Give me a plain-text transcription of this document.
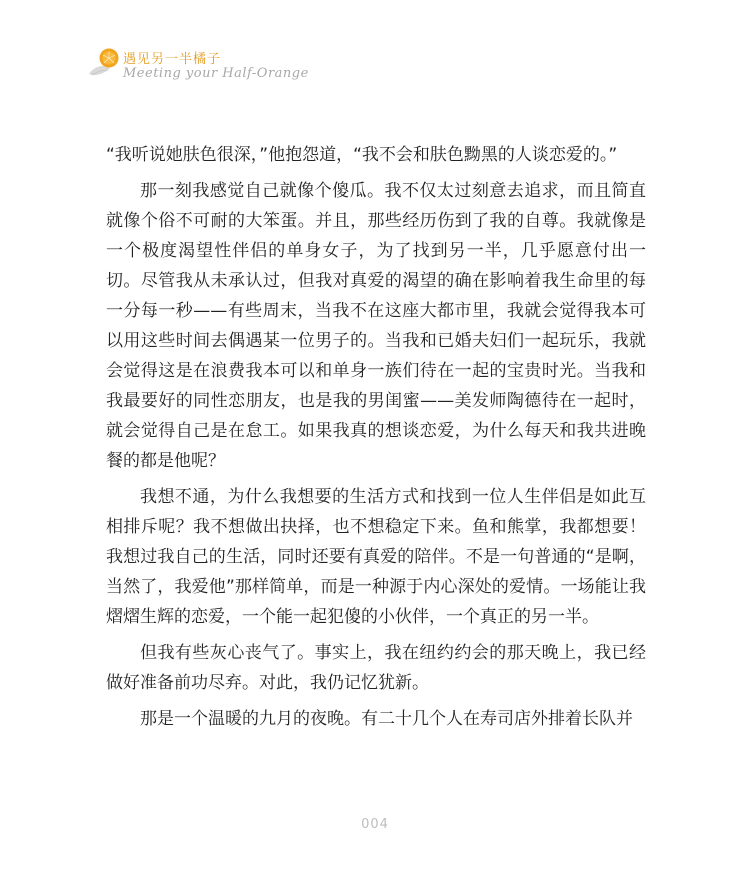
遇见另一半橘子
Meeting your Half-Orange

“我听说她肤色很深，”他抱怨道，“我不会和肤色黝黑的人谈恋爱的。”

那一刻我感觉自己就像个傻瓜。我不仅太过刻意去追求，而且简直就像个俗不可耐的大笨蛋。并且，那些经历伤到了我的自尊。我就像是一个极度渴望性伴侣的单身女子，为了找到另一半，几乎愿意付出一切。尽管我从未承认过，但我对真爱的渴望的确在影响着我生命里的每一分每一秒——有些周末，当我不在这座大都市里，我就会觉得我本可以用这些时间去偶遇某一位男子的。当我和已婚夫妇们一起玩乐，我就会觉得这是在浪费我本可以和单身一族们待在一起的宝贵时光。当我和我最要好的同性恋朋友，也是我的男闺蜜——美发师陶德待在一起时，就会觉得自己是在怠工。如果我真的想谈恋爱，为什么每天和我共进晚餐的都是他呢？

我想不通，为什么我想要的生活方式和找到一位人生伴侣是如此互相排斥呢？我不想做出抉择，也不想稳定下来。鱼和熊掌，我都想要！我想过我自己的生活，同时还要有真爱的陪伴。不是一句普通的“是啊，当然了，我爱他”那样简单，而是一种源于内心深处的爱情。一场能让我熠熠生辉的恋爱，一个能一起犯傻的小伙伴，一个真正的另一半。

但我有些灰心丧气了。事实上，我在纽约约会的那天晚上，我已经做好准备前功尽弃。对此，我仍记忆犹新。

那是一个温暖的九月的夜晚。有二十几个人在寿司店外排着长队并

004
